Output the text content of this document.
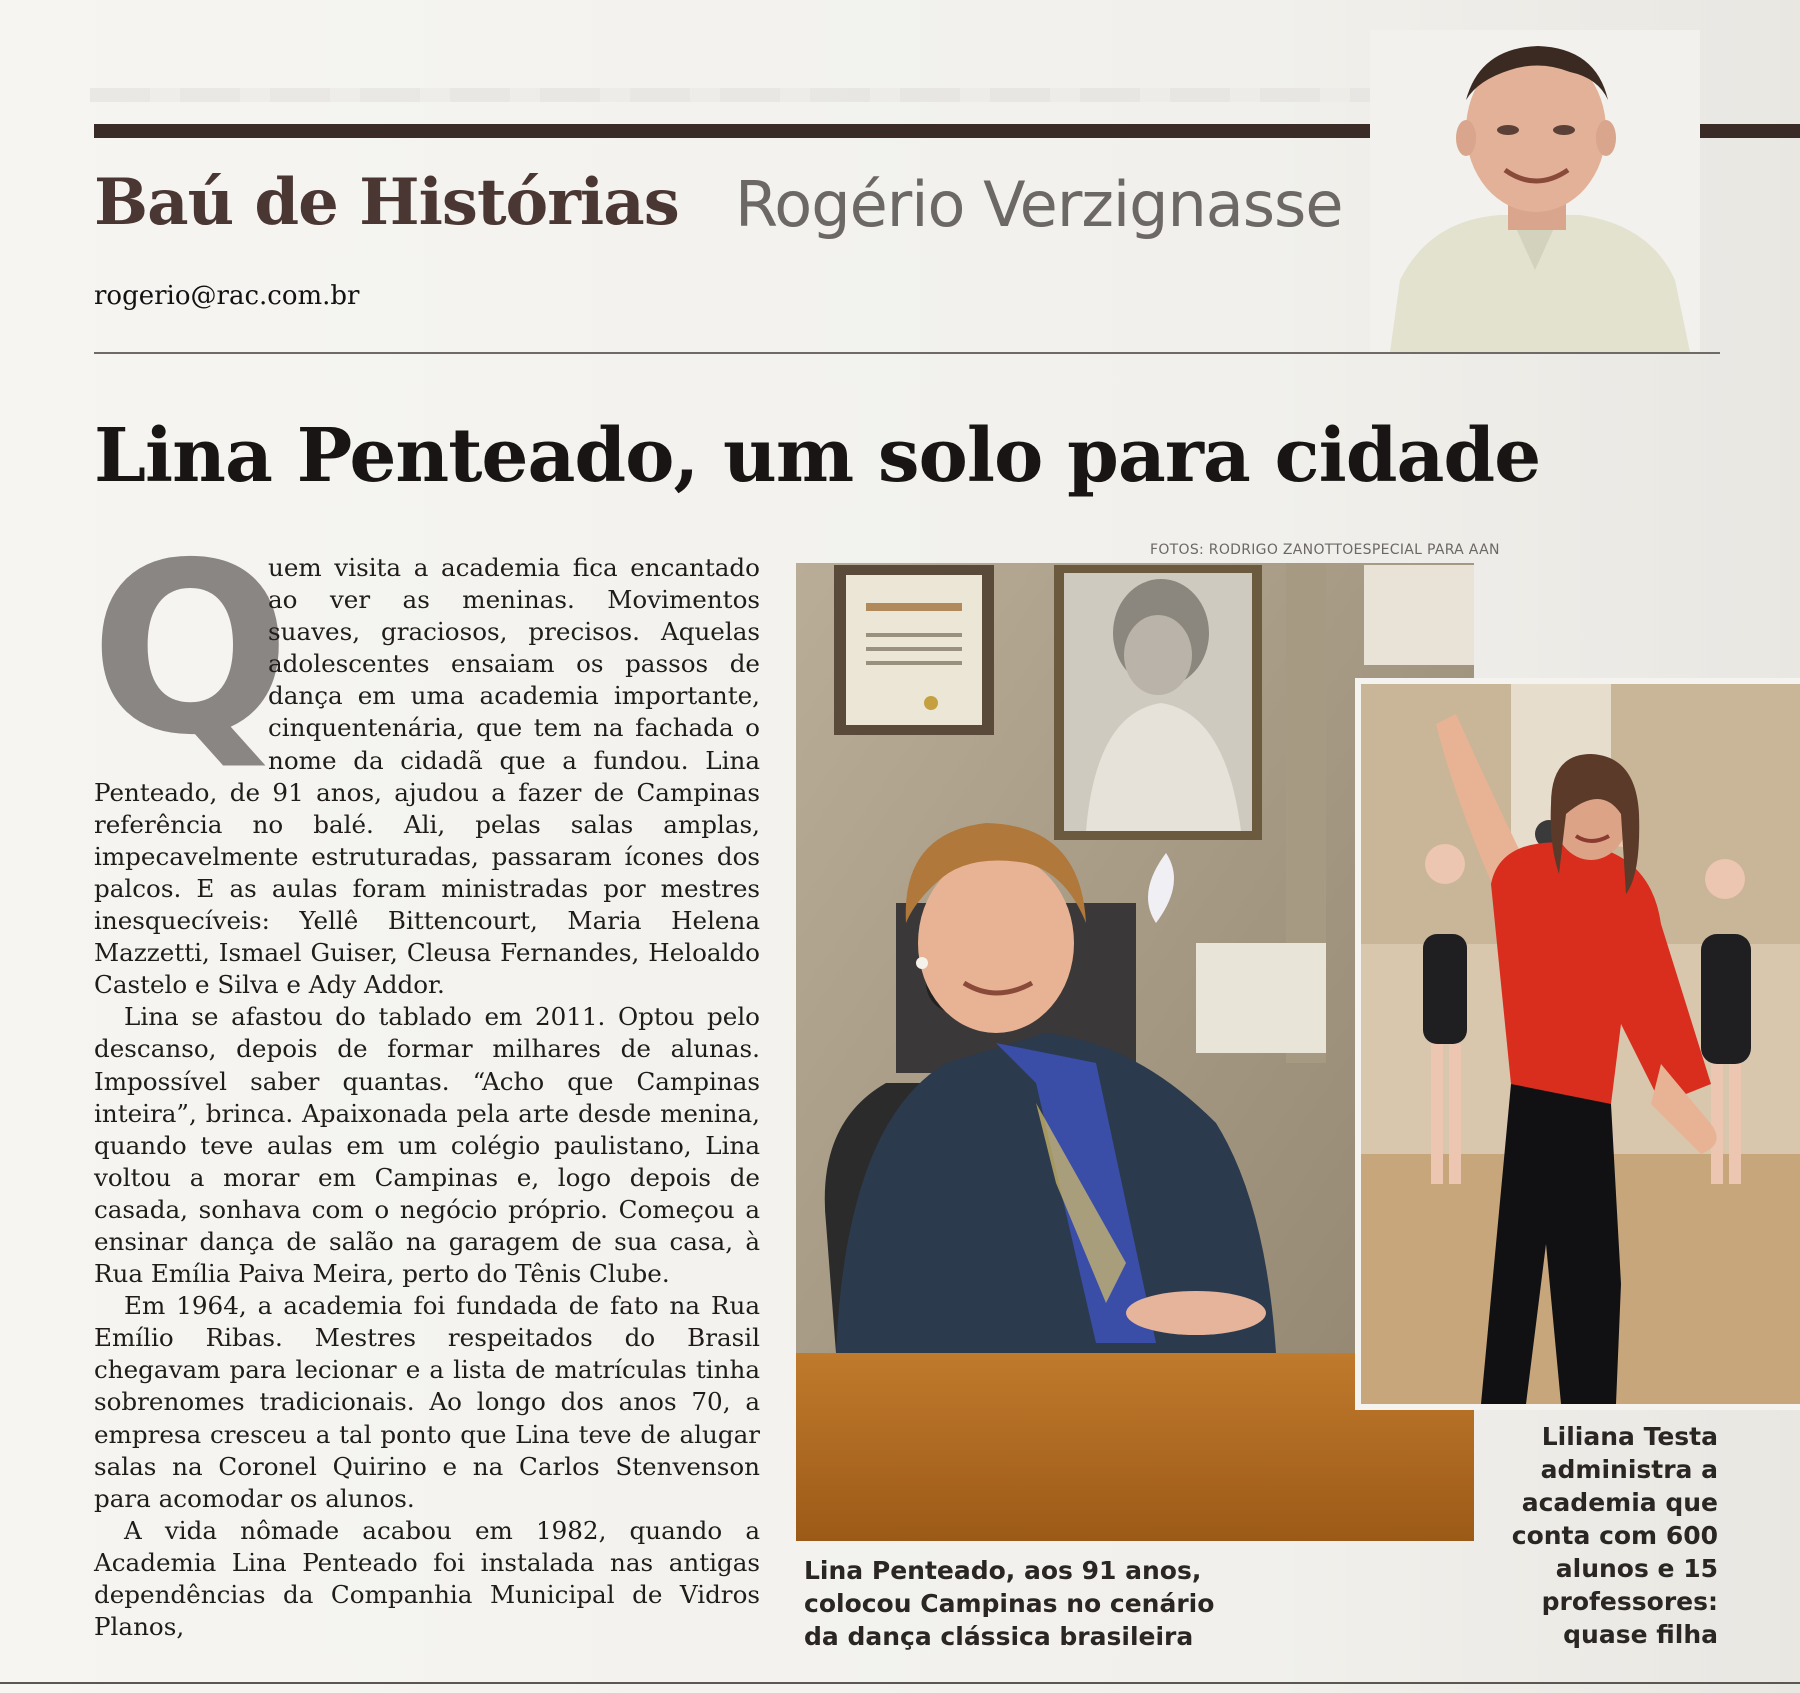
Baú de Histórias Rogério Verzignasse
rogerio@rac.com.br
Lina Penteado, um solo para cidade
FOTOS: RODRIGO ZANOTTOESPECIAL PARA AAN

Q
uem visita a academia fica encantado ao ver as meninas. Movimentos suaves, graciosos, precisos. Aquelas adolescentes ensaiam os passos de dança em uma academia importante, cinquentenária, que tem na fachada o nome da cidadã que a fundou. Lina Penteado, de 91 anos, ajudou a fazer de Campinas referência no balé. Ali, pelas salas amplas, impecavelmente estruturadas, passaram ícones dos palcos. E as aulas foram ministradas por mestres inesquecíveis: Yellê Bittencourt, Maria Helena Mazzetti, Ismael Guiser, Cleusa Fernandes, Heloaldo Castelo e Silva e Ady Addor.

Lina se afastou do tablado em 2011. Optou pelo descanso, depois de formar milhares de alunas. Impossível saber quantas. “Acho que Campinas inteira”, brinca. Apaixonada pela arte desde menina, quando teve aulas em um colégio paulistano, Lina voltou a morar em Campinas e, logo depois de casada, sonhava com o negócio próprio. Começou a ensinar dança de salão na garagem de sua casa, à Rua Emília Paiva Meira, perto do Tênis Clube.

Em 1964, a academia foi fundada de fato na Rua Emílio Ribas. Mestres respeitados do Brasil chegavam para lecionar e a lista de matrículas tinha sobrenomes tradicionais. Ao longo dos anos 70, a empresa cresceu a tal ponto que Lina teve de alugar salas na Coronel Quirino e na Carlos Stenvenson para acomodar os alunos.

A vida nômade acabou em 1982, quando a Academia Lina Penteado foi instalada nas antigas dependências da Companhia Municipal de Vidros Planos,

Lina Penteado, aos 91 anos,
colocou Campinas no cenário
da dança clássica brasileira
Liliana Testa
administra a
academia que
conta com 600
alunos e 15
professores:
quase filha
